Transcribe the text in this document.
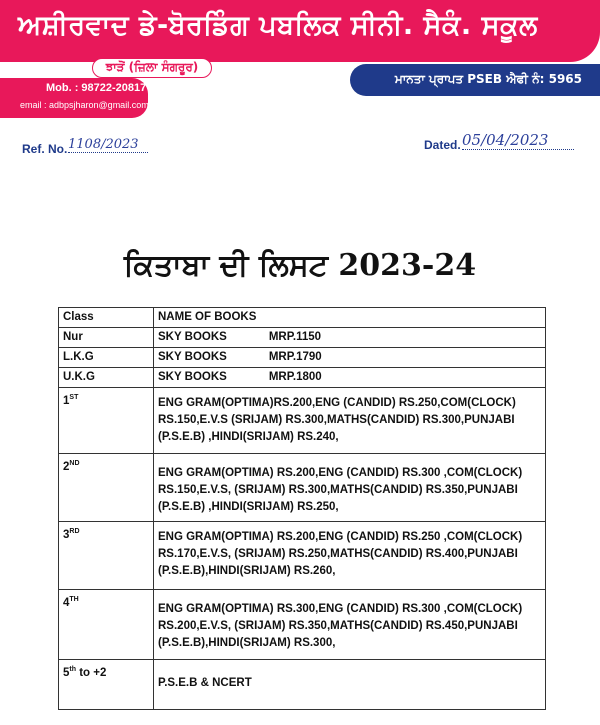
ਅਸ਼ੀਰਵਾਦ ਡੇ-ਬੋਰਡਿੰਗ ਪਬਲਿਕ ਸੀਨੀ. ਸੈਕੰ. ਸਕੂਲ
ਝਾੜੋਂ (ਜ਼ਿਲਾ ਸੰਗਰੂਰ)
ਮਾਨਤਾ ਪ੍ਰਾਪਤ PSEB ਐਫੀ ਨੰ: 5965
Mob. : 98722-20817
email : adbpsjharon@gmail.com
Ref. No. 1108/2023	Dated. 05/04/2023
ਕਿਤਾਬਾ ਦੀ ਲਿਸਟ 2023-24
Class	NAME OF BOOKS
Nur	SKY BOOKS MRP.1150
L.K.G	SKY BOOKS MRP.1790
U.K.G	SKY BOOKS MRP.1800
1ST	ENG GRAM(OPTIMA)RS.200,ENG (CANDID) RS.250,COM(CLOCK) RS.150,E.V.S (SRIJAM) RS.300,MATHS(CANDID) RS.300,PUNJABI (P.S.E.B) ,HINDI(SRIJAM) RS.240,

2ND	ENG GRAM(OPTIMA) RS.200,ENG (CANDID) RS.300 ,COM(CLOCK) RS.150,E.V.S, (SRIJAM) RS.300,MATHS(CANDID) RS.350,PUNJABI (P.S.E.B) ,HINDI(SRIJAM) RS.250,

3RD	ENG GRAM(OPTIMA) RS.200,ENG (CANDID) RS.250 ,COM(CLOCK) RS.170,E.V.S, (SRIJAM) RS.250,MATHS(CANDID) RS.400,PUNJABI (P.S.E.B),HINDI(SRIJAM) RS.260,

4TH	ENG GRAM(OPTIMA) RS.300,ENG (CANDID) RS.300 ,COM(CLOCK) RS.200,E.V.S, (SRIJAM) RS.350,MATHS(CANDID) RS.450,PUNJABI (P.S.E.B),HINDI(SRIJAM) RS.300,

5th to +2	P.S.E.B & NCERT
